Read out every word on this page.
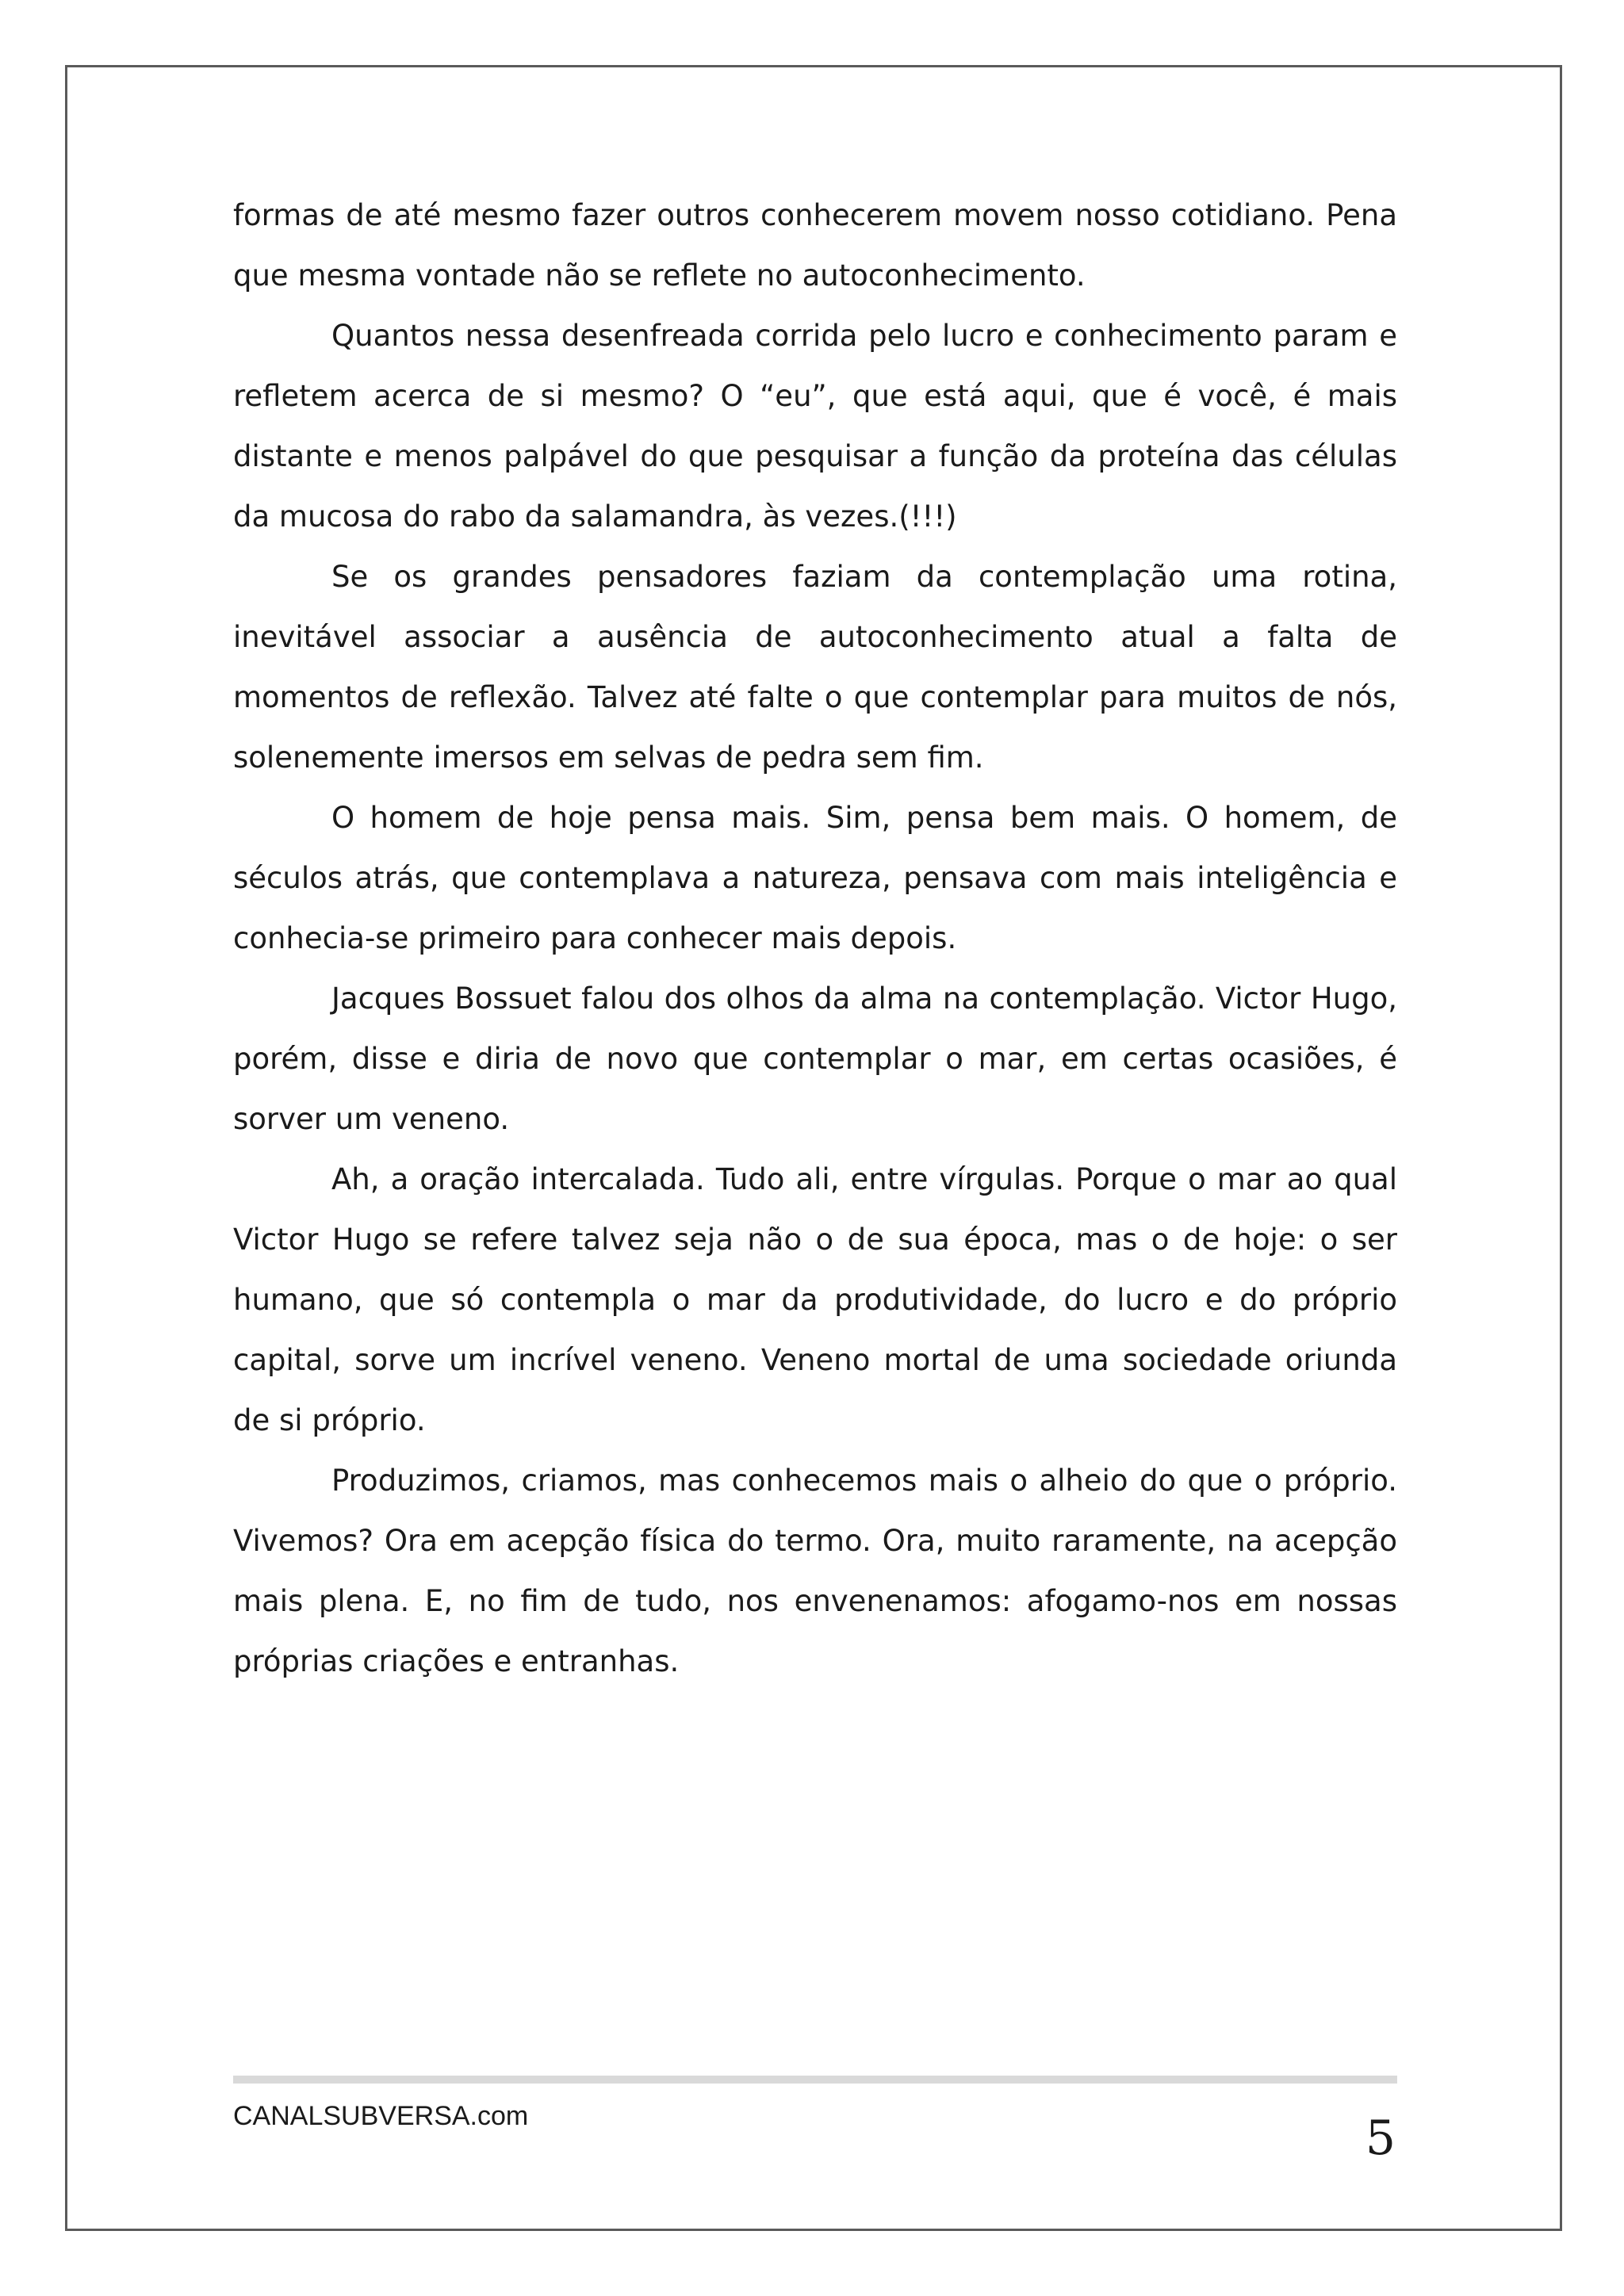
formas de até mesmo fazer outros conhecerem movem nosso cotidiano. Pena que mesma vontade não se reflete no autoconhecimento.

Quantos nessa desenfreada corrida pelo lucro e conhecimento param e refletem acerca de si mesmo? O “eu”, que está aqui, que é você, é mais distante e menos palpável do que pesquisar a função da proteína das células da mucosa do rabo da salamandra, às vezes.(!!!)

Se os grandes pensadores faziam da contemplação uma rotina, inevitável associar a ausência de autoconhecimento atual a falta de momentos de reflexão. Talvez até falte o que contemplar para muitos de nós, solenemente imersos em selvas de pedra sem fim.

O homem de hoje pensa mais. Sim, pensa bem mais. O homem, de séculos atrás, que contemplava a natureza, pensava com mais inteligência e conhecia-se primeiro para conhecer mais depois.

Jacques Bossuet falou dos olhos da alma na contemplação. Victor Hugo, porém, disse e diria de novo que contemplar o mar, em certas ocasiões, é sorver um veneno.

Ah, a oração intercalada. Tudo ali, entre vírgulas. Porque o mar ao qual Victor Hugo se refere talvez seja não o de sua época, mas o de hoje: o ser humano, que só contempla o mar da produtividade, do lucro e do próprio capital, sorve um incrível veneno. Veneno mortal de uma sociedade oriunda de si próprio.

Produzimos, criamos, mas conhecemos mais o alheio do que o próprio. Vivemos? Ora em acepção física do termo. Ora, muito raramente, na acepção mais plena. E, no fim de tudo, nos envenenamos: afogamo-nos em nossas próprias criações e entranhas.

CANALSUBVERSA.com	5
